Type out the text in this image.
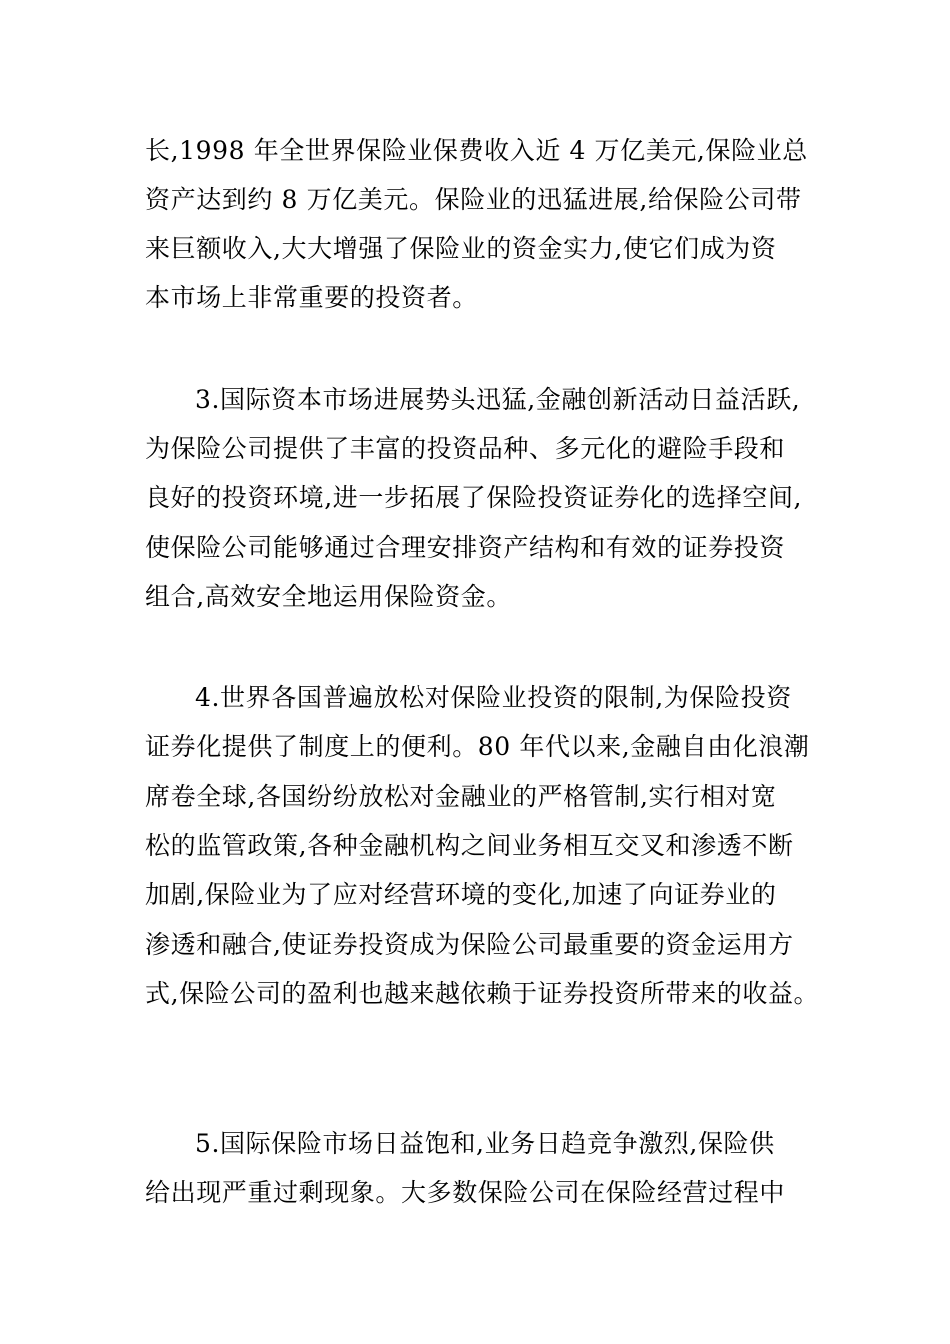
长,1998 年全世界保险业保费收入近 4 万亿美元,保险业总
资产达到约 8 万亿美元。保险业的迅猛进展,给保险公司带
来巨额收入,大大增强了保险业的资金实力,使它们成为资
本市场上非常重要的投资者。
3.国际资本市场进展势头迅猛,金融创新活动日益活跃,
为保险公司提供了丰富的投资品种、多元化的避险手段和
良好的投资环境,进一步拓展了保险投资证券化的选择空间,
使保险公司能够通过合理安排资产结构和有效的证券投资
组合,高效安全地运用保险资金。
4.世界各国普遍放松对保险业投资的限制,为保险投资
证券化提供了制度上的便利。80 年代以来,金融自由化浪潮
席卷全球,各国纷纷放松对金融业的严格管制,实行相对宽
松的监管政策,各种金融机构之间业务相互交叉和渗透不断
加剧,保险业为了应对经营环境的变化,加速了向证券业的
渗透和融合,使证券投资成为保险公司最重要的资金运用方
式,保险公司的盈利也越来越依赖于证券投资所带来的收益。
5.国际保险市场日益饱和,业务日趋竞争激烈,保险供
给出现严重过剩现象。大多数保险公司在保险经营过程中
